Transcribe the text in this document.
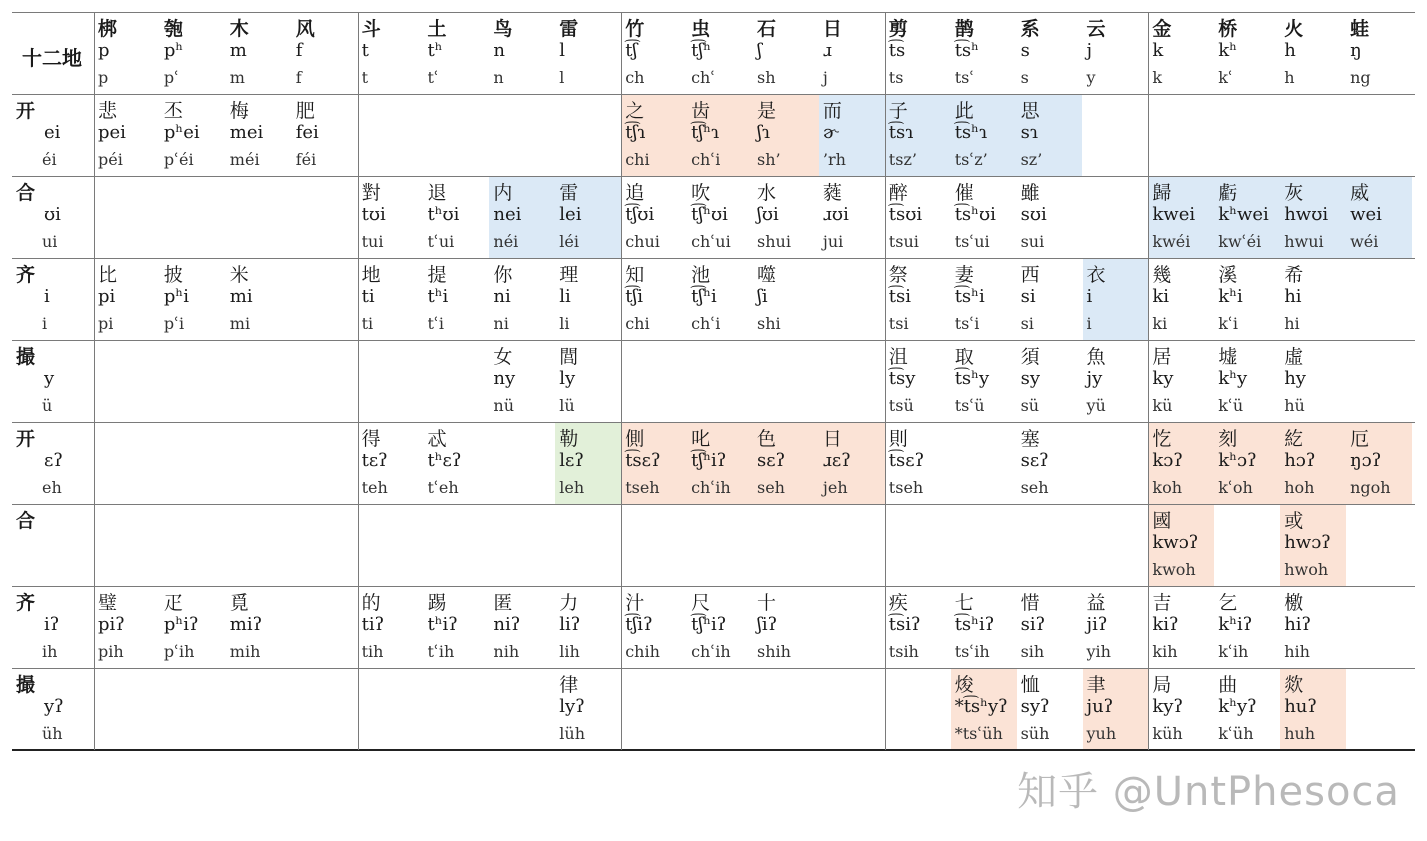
十二地
梆
p
p
匏
pʰ
pʿ
木
m
m
风
f
f
斗
t
t
土
tʰ
tʿ
鸟
n
n
雷
l
l
竹
t͡ʃ
ch
虫
t͡ʃʰ
chʿ
石
ʃ
sh
日
ɹ
j
剪
t͡s
ts
鹊
t͡sʰ
tsʿ
系
s
s
云
j
y
金
k
k
桥
kʰ
kʿ
火
h
h
蛙
ŋ
ng
开
ei
éi
合
ʊi
ui
齐
i
i
撮
y
ü
开
ɛʔ
eh
合
齐
iʔ
ih
撮
yʔ
üh
悲
pei
péi
丕
pʰei
pʿéi
梅
mei
méi
肥
fei
féi
之
t͡ʃɿ
chi
齿
t͡ʃʰɿ
chʿi
是
ʃɿ
sh’
而
ɚ
’rh
子
t͡sɿ
tsz’
此
t͡sʰɿ
tsʿz’
思
sɿ
sz’
對
tʊi
tui
退
tʰʊi
tʿui
内
nei
néi
雷
lei
léi
追
t͡ʃʊi
chui
吹
t͡ʃʰʊi
chʿui
水
ʃʊi
shui
蕤
ɹʊi
jui
醉
t͡sʊi
tsui
催
t͡sʰʊi
tsʿui
雖
sʊi
sui
歸
kwei
kwéi
虧
kʰwei
kwʿéi
灰
hwʊi
hwui
威
wei
wéi
比
pi
pi
披
pʰi
pʿi
米
mi
mi
地
ti
ti
提
tʰi
tʿi
你
ni
ni
理
li
li
知
t͡ʃi
chi
池
t͡ʃʰi
chʿi
噬
ʃi
shi
祭
t͡si
tsi
妻
t͡sʰi
tsʿi
西
si
si
衣
i
i
幾
ki
ki
溪
kʰi
kʿi
希
hi
hi
女
ny
nü
閭
ly
lü
沮
t͡sy
tsü
取
t͡sʰy
tsʿü
須
sy
sü
魚
jy
yü
居
ky
kü
墟
kʰy
kʿü
虛
hy
hü
得
tɛʔ
teh
忒
tʰɛʔ
tʿeh
勒
lɛʔ
leh
側
t͡sɛʔ
tseh
叱
t͡ʃʰiʔ
chʿih
色
sɛʔ
seh
日
ɹɛʔ
jeh
則
t͡sɛʔ
tseh
塞
sɛʔ
seh
忔
kɔʔ
koh
刻
kʰɔʔ
kʿoh
紇
hɔʔ
hoh
厄
ŋɔʔ
ngoh
國
kwɔʔ
kwoh
或
hwɔʔ
hwoh
璧
piʔ
pih
疋
pʰiʔ
pʿih
覓
miʔ
mih
的
tiʔ
tih
踢
tʰiʔ
tʿih
匿
niʔ
nih
力
liʔ
lih
汁
t͡ʃiʔ
chih
尺
t͡ʃʰiʔ
chʿih
十
ʃiʔ
shih
疾
t͡siʔ
tsih
七
t͡sʰiʔ
tsʿih
惜
siʔ
sih
益
jiʔ
yih
吉
kiʔ
kih
乞
kʰiʔ
kʿih
檄
hiʔ
hih
律
lyʔ
lüh
焌
*t͡sʰyʔ
*tsʿüh
恤
syʔ
süh
聿
juʔ
yuh
局
kyʔ
küh
曲
kʰyʔ
kʿüh
欻
huʔ
huh
知乎 @UntPhesoca
